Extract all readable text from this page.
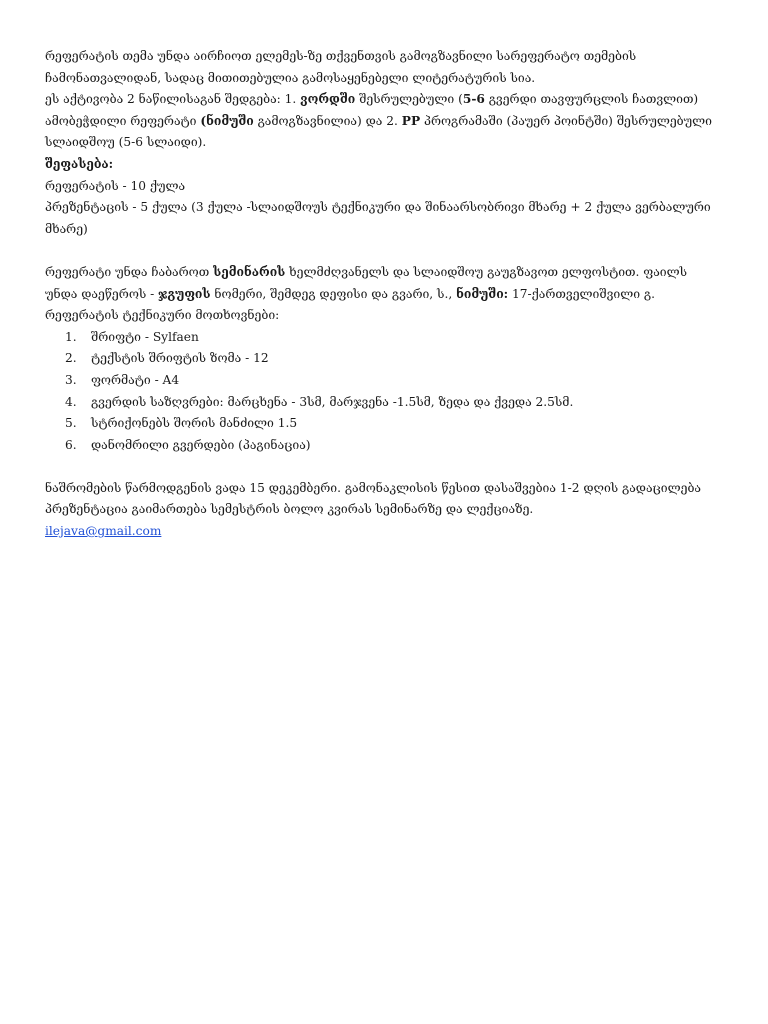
რეფერატის თემა უნდა აირჩიოთ ელემეს-ზე თქვენთვის გამოგზავნილი სარეფერატო თემების

ჩამონათვალიდან, სადაც მითითებულია გამოსაყენებელი ლიტერატურის სია.

ეს აქტივობა 2 ნაწილისაგან შედგება: 1. ვორდში შესრულებული (5-6 გვერდი თავფურცლის ჩათვლით)

ამობეჭდილი რეფერატი (ნიმუში გამოგზავნილია) და 2. PP პროგრამაში (პაუერ პოინტში) შესრულებული

სლაიდშოუ (5-6 სლაიდი).

შეფასება:

რეფერატის - 10 ქულა

პრეზენტაცის - 5 ქულა (3 ქულა -სლაიდშოუს ტექნიკური და შინაარსობრივი მხარე + 2 ქულა ვერბალური

მხარე)

რეფერატი უნდა ჩაბაროთ სემინარის ხელმძღვანელს და სლაიდშოუ გაუგზავოთ ელფოსტით. ფაილს

უნდა დაეწეროს - ჯგუფის ნომერი, შემდეგ დეფისი და გვარი, ს., ნიმუში: 17-ქართველიშვილი გ.

რეფერატის ტექნიკური მოთხოვნები:

1. შრიფტი - Sylfaen
2. ტექსტის შრიფტის ზომა - 12
3. ფორმატი - A4
4. გვერდის საზღვრები: მარცხენა - 3სმ, მარჯვენა -1.5სმ, ზედა და ქვედა 2.5სმ.
5. სტრიქონებს შორის მანძილი 1.5
6. დანომრილი გვერდები (პაგინაცია)

ნაშრომების წარმოდგენის ვადა 15 დეკემბერი. გამონაკლისის წესით დასაშვებია 1-2 დღის გადაცილება

პრეზენტაცია გაიმართება სემესტრის ბოლო კვირას სემინარზე და ლექციაზე.

ilejava@gmail.com
